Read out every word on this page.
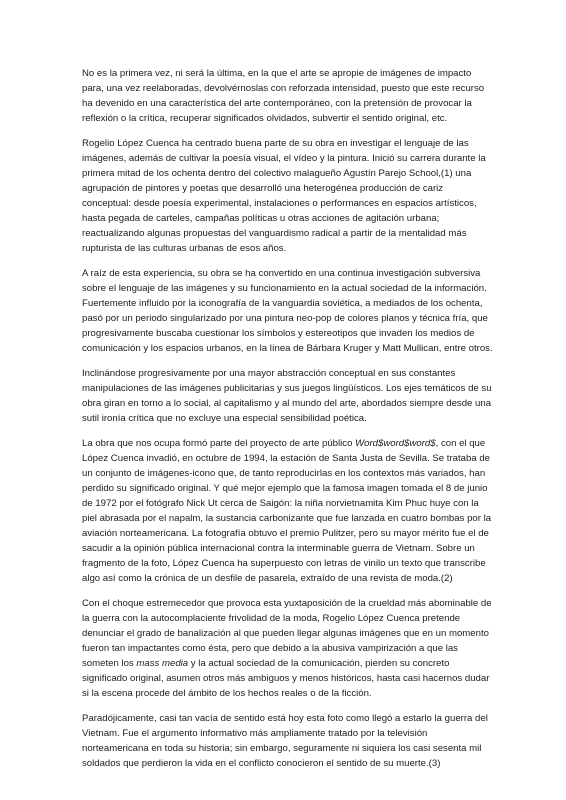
No es la primera vez, ni será la última, en la que el arte se apropie de imágenes de impacto para, una vez reelaboradas, devolvérnoslas con reforzada intensidad, puesto que este recurso ha devenido en una característica del arte contemporáneo, con la pretensión de provocar la reflexión o la crítica, recuperar significados olvidados, subvertir el sentido original, etc.

Rogelio López Cuenca ha centrado buena parte de su obra en investigar el lenguaje de las imágenes, además de cultivar la poesía visual, el vídeo y la pintura. Inició su carrera durante la primera mitad de los ochenta dentro del colectivo malagueño Agustín Parejo School,(1) una agrupación de pintores y poetas que desarrolló una heterogénea producción de cariz conceptual: desde poesía experimental, instalaciones o performances en espacios artísticos, hasta pegada de carteles, campañas políticas u otras acciones de agitación urbana; reactualizando algunas propuestas del vanguardismo radical a partir de la mentalidad más rupturista de las culturas urbanas de esos años.

A raíz de esta experiencia, su obra se ha convertido en una continua investigación subversiva sobre el lenguaje de las imágenes y su funcionamiento en la actual sociedad de la información. Fuertemente influido por la iconografía de la vanguardia soviética, a mediados de los ochenta, pasó por un periodo singularizado por una pintura neo-pop de colores planos y técnica fría, que progresivamente buscaba cuestionar los símbolos y estereotipos que invaden los medios de comunicación y los espacios urbanos, en la línea de Bárbara Kruger y Matt Mullican, entre otros.

Inclinándose progresivamente por una mayor abstracción conceptual en sus constantes manipulaciones de las imágenes publicitarias y sus juegos lingüísticos. Los ejes temáticos de su obra giran en torno a lo social, al capitalismo y al mundo del arte, abordados siempre desde una sutil ironía crítica que no excluye una especial sensibilidad poética.

La obra que nos ocupa formó parte del proyecto de arte público Word$word$word$, con el que López Cuenca invadió, en octubre de 1994, la estación de Santa Justa de Sevilla. Se trataba de un conjunto de imágenes-icono que, de tanto reproducirlas en los contextos más variados, han perdido su significado original. Y qué mejor ejemplo que la famosa imagen tomada el 8 de junio de 1972 por el fotógrafo Nick Ut cerca de Saigón: la niña norvietnamita Kim Phuc huye con la piel abrasada por el napalm, la sustancia carbonizante que fue lanzada en cuatro bombas por la aviación norteamericana. La fotografía obtuvo el premio Pulitzer, pero su mayor mérito fue el de sacudir a la opinión pública internacional contra la interminable guerra de Vietnam. Sobre un fragmento de la foto, López Cuenca ha superpuesto con letras de vinilo un texto que transcribe algo así como la crónica de un desfile de pasarela, extraído de una revista de moda.(2)

Con el choque estremecedor que provoca esta yuxtaposición de la crueldad más abominable de la guerra con la autocomplaciente frivolidad de la moda, Rogelio López Cuenca pretende denunciar el grado de banalización al que pueden llegar algunas imágenes que en un momento fueron tan impactantes como ésta, pero que debido a la abusiva vampirización a que las someten los mass media y la actual sociedad de la comunicación, pierden su concreto significado original, asumen otros más ambiguos y menos históricos, hasta casi hacernos dudar si la escena procede del ámbito de los hechos reales o de la ficción.

Paradójicamente, casi tan vacía de sentido está hoy esta foto como llegó a estarlo la guerra del Vietnam. Fue el argumento informativo más ampliamente tratado por la televisión norteamericana en toda su historia; sin embargo, seguramente ni siquiera los casi sesenta mil soldados que perdieron la vida en el conflicto conocieron el sentido de su muerte.(3)
